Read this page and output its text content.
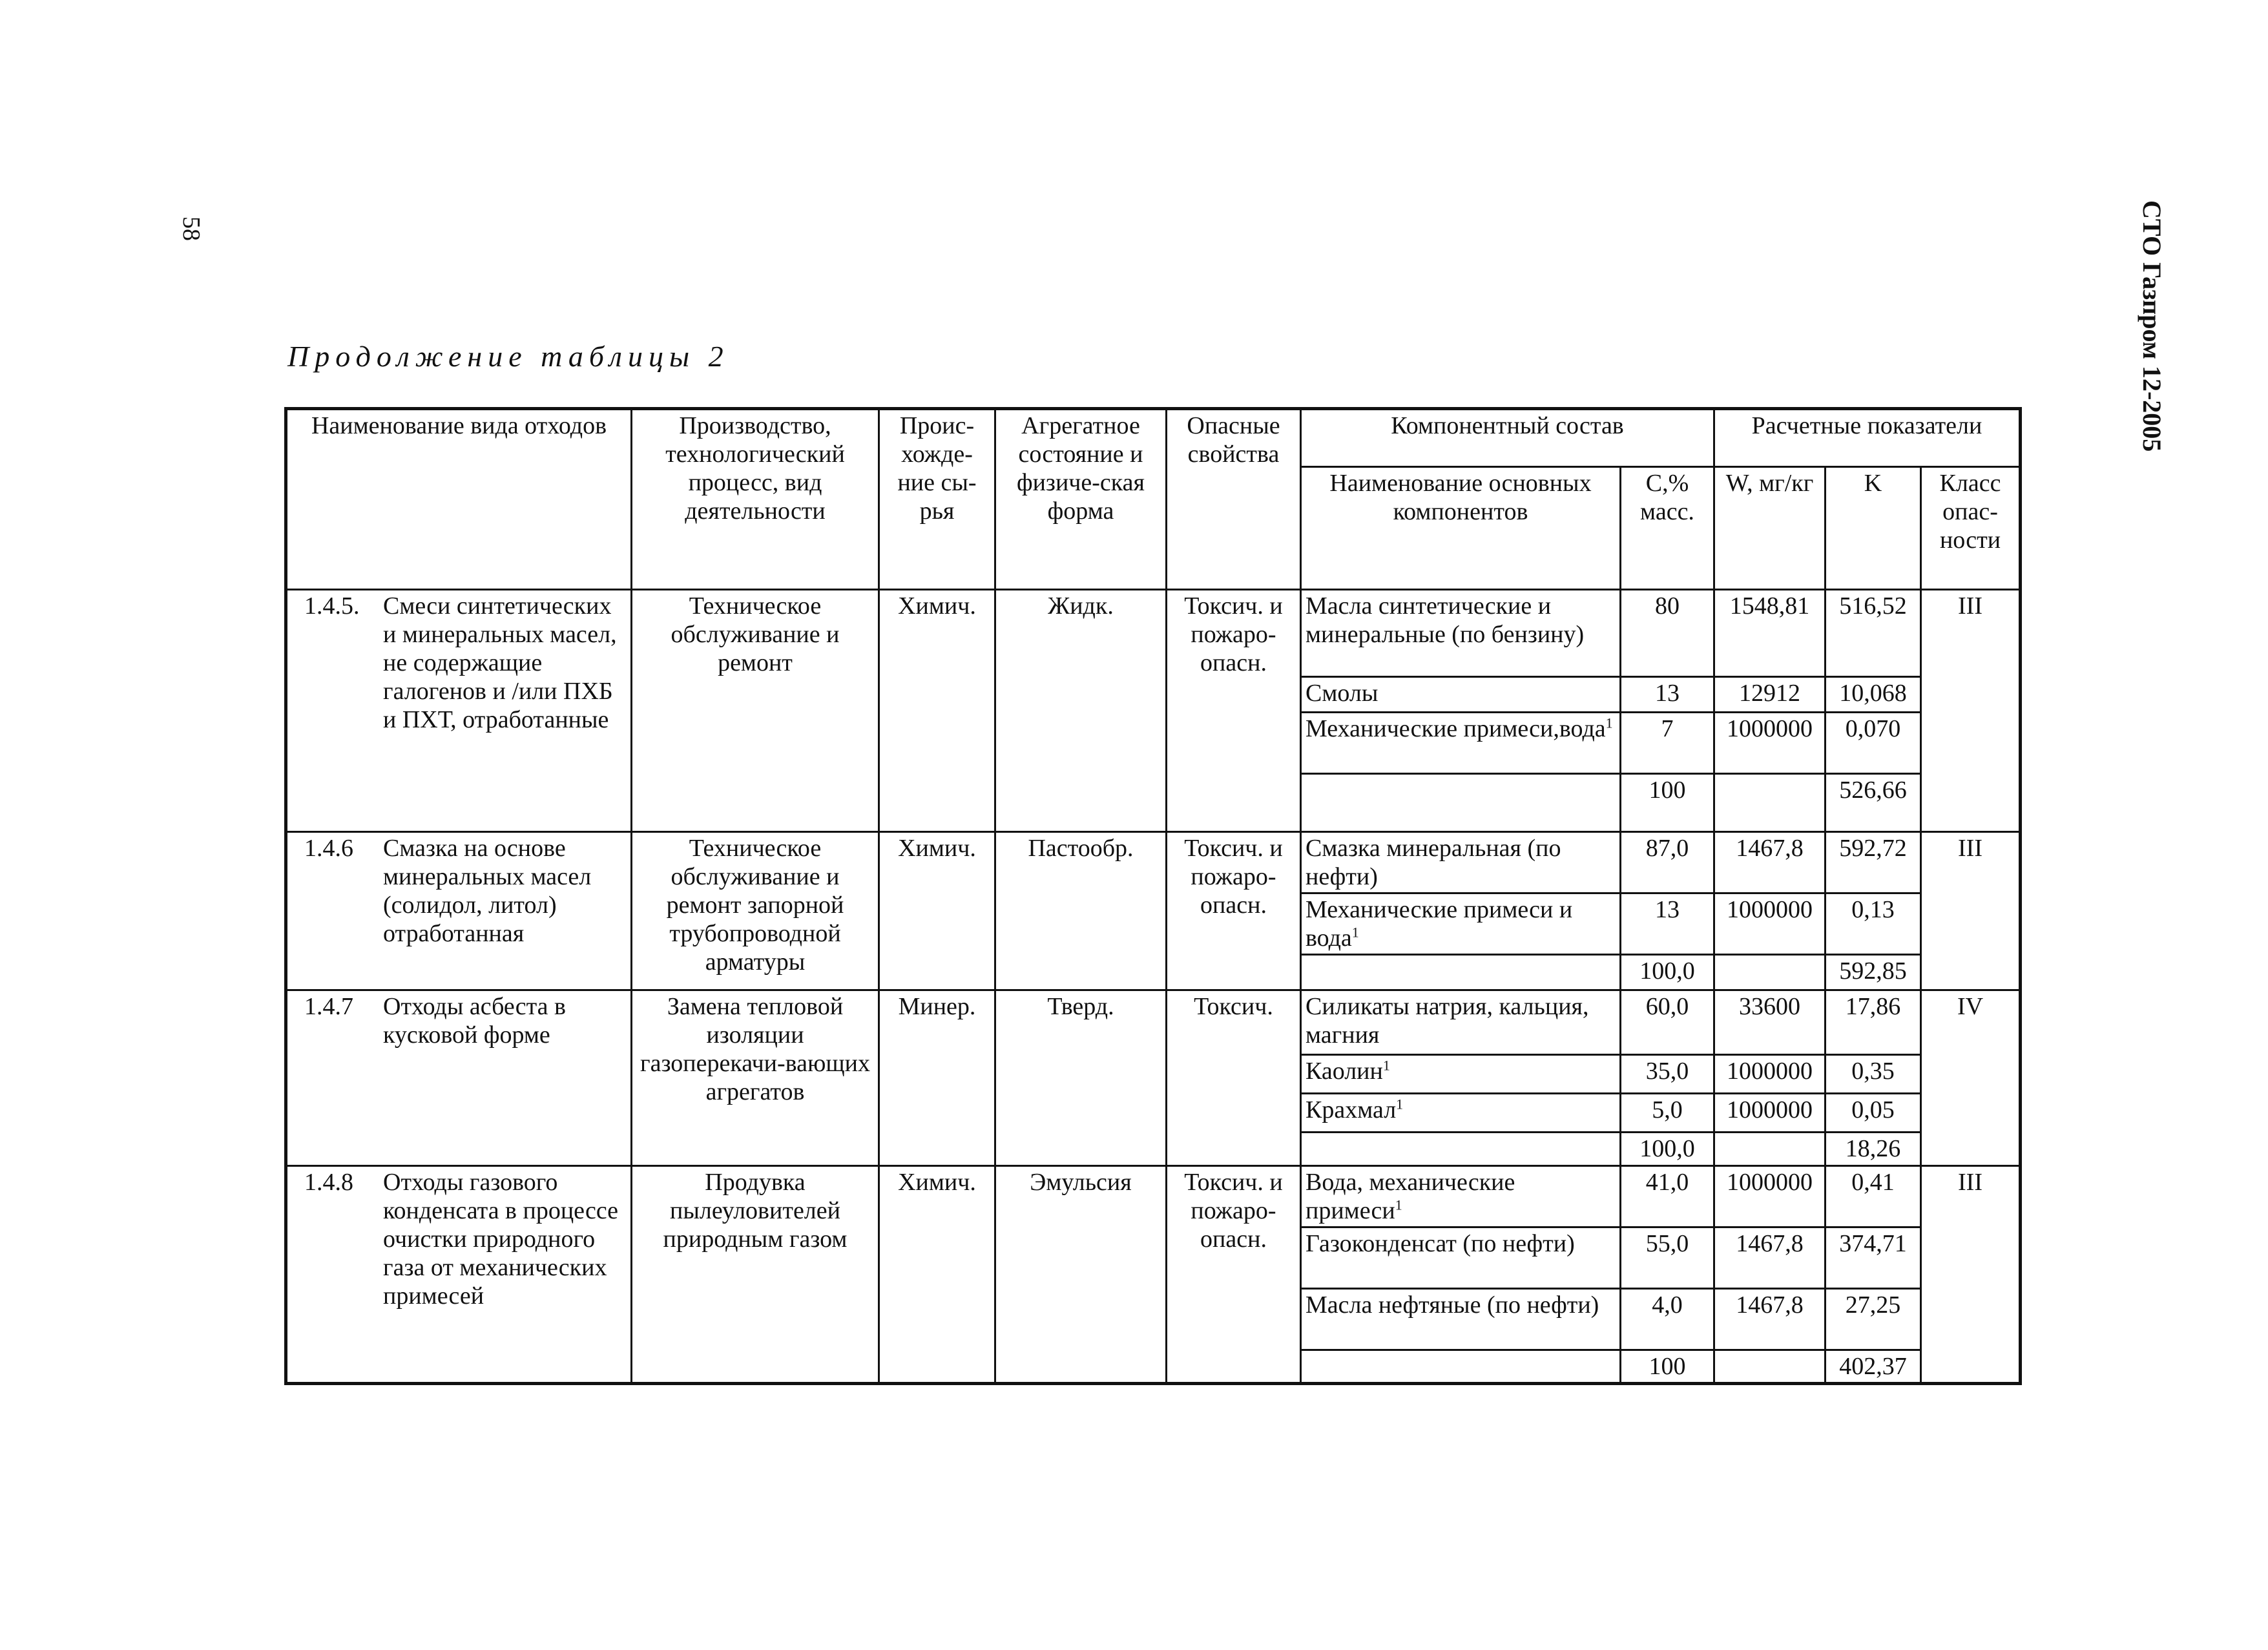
58	СТО Газпром 12-2005
Продолжение таблицы 2
Наименование вида отходов	Производство, технологический процесс, вид деятельности	Проис-хожде-ние сы-рья	Агрегатное состояние и физиче-ская форма	Опасные свойства	Компонентный состав		Расчетные показатели		
					Наименование основных компонентов	С,% масс.	W, мг/кг	K	Класс опас-ности

1.4.5. Смеси синтетических и минеральных масел, не содержащие галогенов и /или ПХБ и ПХТ, отработанные	Техническое обслуживание и ремонт	Химич.	Жидк.	Токсич. и пожаро-опасн.	Масла синтетические и минеральные (по бензину)	80	1548,81	516,52	III
					Смолы	13	12912	10,068	
					Механические примеси,вода$^1$	7	1000000	0,070	
						100		526,66	

1.4.6 Смазка на основе минеральных масел (солидол, литол) отработанная	Техническое обслуживание и ремонт запорной трубопроводной арматуры	Химич.	Пастообр.	Токсич. и пожаро-опасн.	Смазка минеральная (по нефти)	87,0	1467,8	592,72	III
					Механические примеси и вода$^1$	13	1000000	0,13	
						100,0		592,85	

1.4.7 Отходы асбеста в кусковой форме	Замена тепловой изоляции газоперекачи-вающих агрегатов	Минер.	Тверд.	Токсич.	Силикаты натрия, кальция, магния	60,0	33600	17,86	IV
					Каолин$^1$	35,0	1000000	0,35	
					Крахмал$^1$	5,0	1000000	0,05	
						100,0		18,26	

1.4.8 Отходы газового конденсата в процессе очистки природного газа от механических примесей	Продувка пылеуловителей природным газом	Химич.	Эмульсия	Токсич. и пожаро-опасн.	Вода, механические примеси$^1$	41,0	1000000	0,41	III
					Газоконденсат (по нефти)	55,0	1467,8	374,71	
					Масла нефтяные (по нефти)	4,0	1467,8	27,25	
						100		402,37	
